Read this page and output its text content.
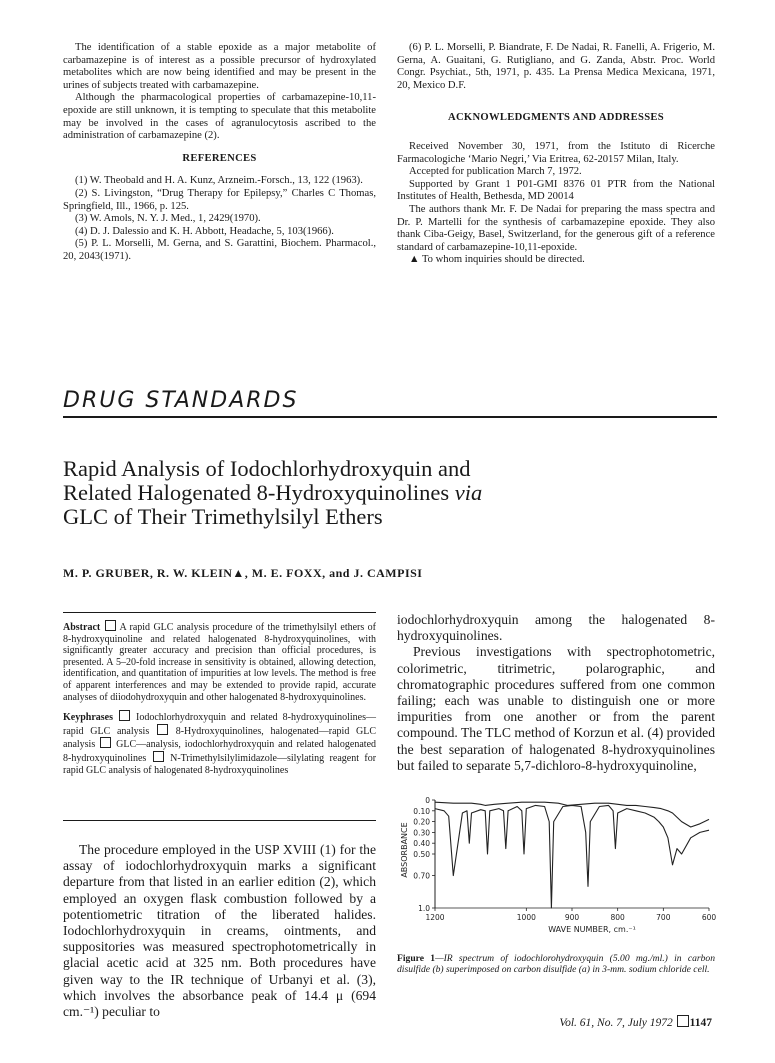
The identification of a stable epoxide as a major metabolite of carbamazepine is of interest as a possible precursor of hydroxylated metabolites which are now being identified and may be present in the urines of subjects treated with carbamazepine.

Although the pharmacological properties of carbamazepine-10,11-epoxide are still unknown, it is tempting to speculate that this metabolite may be involved in the cases of agranulocytosis ascribed to the administration of carbamazepine (2).

REFERENCES

(1) W. Theobald and H. A. Kunz, Arzneim.-Forsch., 13, 122 (1963).

(2) S. Livingston, “Drug Therapy for Epilepsy,” Charles C Thomas, Springfield, Ill., 1966, p. 125.

(3) W. Amols, N. Y. J. Med., 1, 2429(1970).

(4) D. J. Dalessio and K. H. Abbott, Headache, 5, 103(1966).

(5) P. L. Morselli, M. Gerna, and S. Garattini, Biochem. Pharmacol., 20, 2043(1971).

(6) P. L. Morselli, P. Biandrate, F. De Nadai, R. Fanelli, A. Frigerio, M. Gerna, A. Guaitani, G. Rutigliano, and G. Zanda, Abstr. Proc. World Congr. Psychiat., 5th, 1971, p. 435. La Prensa Medica Mexicana, 1971, 20, Mexico D.F.

ACKNOWLEDGMENTS AND ADDRESSES

Received November 30, 1971, from the Istituto di Ricerche Farmacologiche ‘Mario Negri,’ Via Eritrea, 62-20157 Milan, Italy.

Accepted for publication March 7, 1972.

Supported by Grant 1 P01-GMI 8376 01 PTR from the National Institutes of Health, Bethesda, MD 20014

The authors thank Mr. F. De Nadai for preparing the mass spectra and Dr. P. Martelli for the synthesis of carbamazepine epoxide. They also thank Ciba-Geigy, Basel, Switzerland, for the generous gift of a reference standard of carbamazepine-10,11-epoxide.

▲ To whom inquiries should be directed.

DRUG STANDARDS
Rapid Analysis of Iodochlorhydroxyquin and
Related Halogenated 8-Hydroxyquinolines via
GLC of Their Trimethylsilyl Ethers
M. P. GRUBER, R. W. KLEIN▲, M. E. FOXX, and J. CAMPISI

Abstract A rapid GLC analysis procedure of the trimethylsilyl ethers of 8-hydroxyquinoline and related halogenated 8-hydroxyquinolines, with significantly greater accuracy and precision than official procedures, is presented. A 5–20-fold increase in sensitivity is obtained, allowing detection, identification, and quantitation of impurities at low levels. The method is free of apparent interferences and may be extended to provide rapid, accurate analyses of diiodohydroxyquin and other halogenated 8-hydroxyquinolines.

Keyphrases Iodochlorhydroxyquin and related 8-hydroxyquinolines—rapid GLC analysis	8-Hydroxyquinolines, halogenated—rapid GLC analysis GLC—analysis, iodochlorhydroxyquin and related halogenated 8-hydroxyquinolines N-Trimethylsilylimidazole—silylating reagent for rapid GLC analysis of halogenated 8-hydroxyquinolines

The procedure employed in the USP XVIII (1) for the assay of iodochlorhydroxyquin marks a significant departure from that listed in an earlier edition (2), which employed an oxygen flask combustion followed by a potentiometric titration of the liberated halides. Iodochlorhydroxyquin in creams, ointments, and suppositories was measured spectrophotometrically in glacial acetic acid at 325 nm. Both procedures have given way to the IR technique of Urbanyi et al. (3), which involves the absorbance peak of 14.4 μ (694 cm.⁻¹) peculiar to

iodochlorhydroxyquin among the halogenated 8-hydroxyquinolines.

Previous investigations with spectrophotometric, colorimetric, titrimetric, polarographic, and chromatographic procedures suffered from one common failing; each was unable to distinguish one or more impurities from one another or from the parent compound. The TLC method of Korzun et al. (4) provided the best separation of halogenated 8-hydroxyquinolines but failed to separate 5,7-dichloro-8-hydroxyquinoline,

0
0.10
0.20
0.30
0.40
0.50
0.70
1.0
1200	1000	900	800	700	600
WAVE NUMBER, cm.⁻¹
ABSORBANCE
Figure 1—IR spectrum of iodochlorohydroxyquin (5.00 mg./ml.) in carbon disulfide (b) superimposed on carbon disulfide (a) in 3-mm. sodium chloride cell.
Vol. 61, No. 7, July 1972 1147
